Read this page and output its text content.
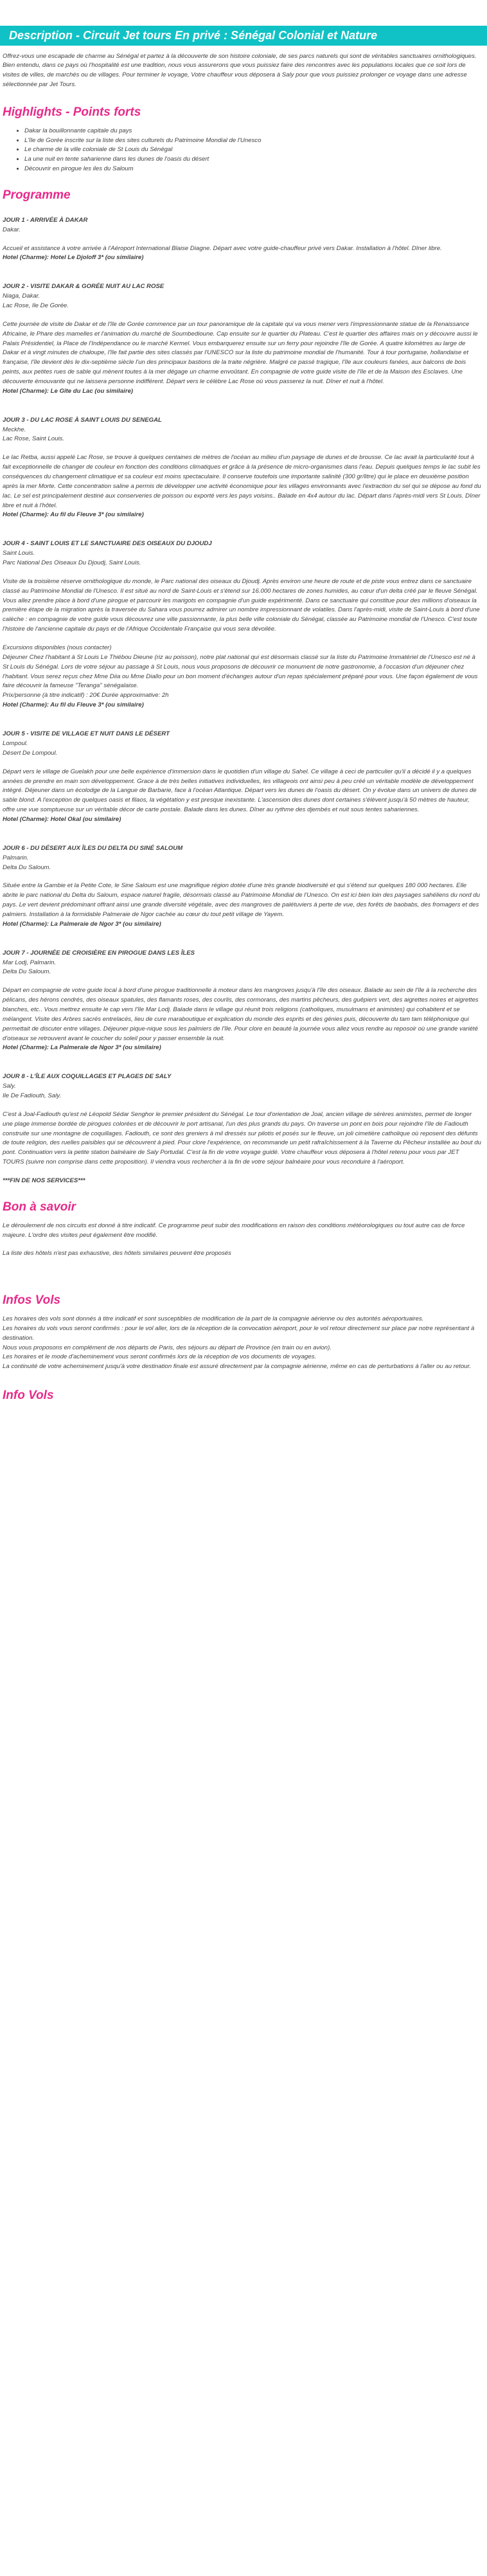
Description - Circuit Jet tours En privé : Sénégal Colonial et Nature

Offrez-vous une escapade de charme au Sénégal et partez à la découverte de son histoire coloniale, de ses parcs naturels qui sont de véritables sanctuaires ornithologiques. Bien entendu, dans ce pays où l'hospitalité est une tradition, nous vous assurerons que vous puissiez faire des rencontres avec les populations locales que ce soit lors de visites de villes, de marchés ou de villages. Pour terminer le voyage, Votre chauffeur vous déposera à Saly pour que vous puissiez prolonger ce voyage dans une adresse sélectionnée par Jet Tours.

Highlights - Points forts
• Dakar la bouillonnante capitale du pays
• L'île de Gorée inscrite sur la liste des sites culturels du Patrimoine Mondial de l'Unesco
• Le charme de la ville coloniale de St Louis du Sénégal
• La une nuit en tente saharienne dans les dunes de l'oasis du désert
• Découvrir en pirogue les iles du Saloum
Programme

JOUR 1 - ARRIVÉE À DAKAR

Dakar.

Accueil et assistance à votre arrivée à l'Aéroport International Blaise Diagne. Départ avec votre guide-chauffeur privé vers Dakar. Installation à l'hôtel. Dîner libre.

Hotel (Charme): Hotel Le Djoloff 3* (ou similaire)

JOUR 2 - VISITE DAKAR & GORÉE NUIT AU LAC ROSE

Niaga, Dakar.

Lac Rose, Ile De Gorée.

Cette journée de visite de Dakar et de l'île de Gorée commence par un tour panoramique de la capitale qui va vous mener vers l'impressionnante statue de la Renaissance Africaine, le Phare des mamelles et l'animation du marché de Soumbedioune. Cap ensuite sur le quartier du Plateau. C'est le quartier des affaires mais on y découvre aussi le Palais Présidentiel, la Place de l'Indépendance ou le marché Kermel. Vous embarquerez ensuite sur un ferry pour rejoindre l'île de Gorée. A quatre kilomètres au large de Dakar et à vingt minutes de chaloupe, l'île fait partie des sites classés par l'UNESCO sur la liste du patrimoine mondial de l'humanité. Tour à tour portugaise, hollandaise et française, l'île devient dès le dix-septième siècle l'un des principaux bastions de la traite négrière. Malgré ce passé tragique, l'île aux couleurs fanées, aux balcons de bois peints, aux petites rues de sable qui mènent toutes à la mer dégage un charme envoûtant. En compagnie de votre guide visite de l'île et de la Maison des Esclaves. Une découverte émouvante qui ne laissera personne indifférent. Départ vers le célèbre Lac Rose où vous passerez la nuit. Dîner et nuit à l'hôtel.

Hotel (Charme): Le Gîte du Lac (ou similaire)

JOUR 3 - DU LAC ROSE À SAINT LOUIS DU SENEGAL

Meckhe.

Lac Rose, Saint Louis.

Le lac Retba, aussi appelé Lac Rose, se trouve à quelques centaines de mètres de l'océan au milieu d'un paysage de dunes et de brousse. Ce lac avait la particularité tout à fait exceptionnelle de changer de couleur en fonction des conditions climatiques et grâce à la présence de micro-organismes dans l'eau. Depuis quelques temps le lac subit les conséquences du changement climatique et sa couleur est moins spectaculaire. Il conserve toutefois une importante salinité (300 gr/litre) qui le place en deuxième position après la mer Morte. Cette concentration saline a permis de développer une activité économique pour les villages environnants avec l'extraction du sel qui se dépose au fond du lac. Le sel est principalement destiné aux conserveries de poisson ou exporté vers les pays voisins.. Balade en 4x4 autour du lac. Départ dans l'après-midi vers St Louis. Dîner libre et nuit à l'hôtel.

Hotel (Charme): Au fil du Fleuve 3* (ou similaire)

JOUR 4 - SAINT LOUIS ET LE SANCTUAIRE DES OISEAUX DU DJOUDJ

Saint Louis.

Parc National Des Oiseaux Du Djoudj, Saint Louis.

Visite de la troisième réserve ornithologique du monde, le Parc national des oiseaux du Djoudj. Après environ une heure de route et de piste vous entrez dans ce sanctuaire classé au Patrimoine Mondial de l'Unesco. Il est situé au nord de Saint-Louis et s'étend sur 16.000 hectares de zones humides, au cœur d'un delta créé par le fleuve Sénégal. Vous allez prendre place à bord d'une pirogue et parcourir les marigots en compagnie d'un guide expérimenté. Dans ce sanctuaire qui constitue pour des millions d'oiseaux la première étape de la migration après la traversée du Sahara vous pourrez admirer un nombre impressionnant de volatiles. Dans l'après-midi, visite de Saint-Louis à bord d'une calèche : en compagnie de votre guide vous découvrez une ville passionnante, la plus belle ville coloniale du Sénégal, classée au Patrimoine mondial de l'Unesco. C'est toute l'histoire de l'ancienne capitale du pays et de l'Afrique Occidentale Française qui vous sera dévoilée.

Excursions disponibles (nous contacter)
Déjeuner Chez l'habitant à St Louis Le Thiébou Dieune (riz au poisson), notre plat national qui est désormais classé sur la liste du Patrimoine Immatériel de l'Unesco est né à St Louis du Sénégal. Lors de votre séjour au passage à St Louis, nous vous proposons de découvrir ce monument de notre gastronomie, à l'occasion d'un déjeuner chez l'habitant. Vous serez reçus chez Mme Diia ou Mme Diallo pour un bon moment d'échanges autour d'un repas spécialement préparé pour vous. Une façon également de vous faire découvrir la fameuse "Teranga" sénégalaise.
Prix/personne (à titre indicatif) : 20€ Durée approximative: 2h

Hotel (Charme): Au fil du Fleuve 3* (ou similaire)

JOUR 5 - VISITE DE VILLAGE ET NUIT DANS LE DÉSERT

Lompoul.

Désert De Lompoul.

Départ vers le village de Guelakh pour une belle expérience d'immersion dans le quotidien d'un village du Sahel. Ce village à ceci de particulier qu'il a décidé il y a quelques années de prendre en main son développement. Grace à de très belles initiatives individuelles, les villageois ont ainsi peu à peu créé un véritable modèle de développement intégré. Déjeuner dans un écolodge de la Langue de Barbarie, face à l'océan Atlantique. Départ vers les dunes de l'oasis du désert. On y évolue dans un univers de dunes de sable blond. A l'exception de quelques oasis et filaos, la végétation y est presque inexistante. L'ascension des dunes dont certaines s'élèvent jusqu'à 50 mètres de hauteur, offre une vue somptueuse sur un véritable décor de carte postale. Balade dans les dunes. Dîner au rythme des djembés et nuit sous tentes sahariennes.

Hotel (Charme): Hotel Okal (ou similaire)

JOUR 6 - DU DÉSERT AUX ÎLES DU DELTA DU SINÉ SALOUM

Palmarin.

Delta Du Saloum.

Située entre la Gambie et la Petite Cote, le Sine Saloum est une magnifique région dotée d'une très grande biodiversité et qui s'étend sur quelques 180 000 hectares. Elle abrite le parc national du Delta du Saloum, espace naturel fragile, désormais classé au Patrimoine Mondial de l'Unesco. On est ici bien loin des paysages sahéliens du nord du pays. Le vert devient prédominant offrant ainsi une grande diversité végétale, avec des mangroves de palétuviers à perte de vue, des forêts de baobabs, des fromagers et des palmiers. Installation à la formidable Palmeraie de Ngor cachée au cœur du tout petit village de Yayem.

Hotel (Charme): La Palmeraie de Ngor 3* (ou similaire)

JOUR 7 - JOURNÉE DE CROISIÈRE EN PIROGUE DANS LES ÎLES

Mar Lodj, Palmarin.

Delta Du Saloum.

Départ en compagnie de votre guide local à bord d'une pirogue traditionnelle à moteur dans les mangroves jusqu'à l'île des oiseaux. Balade au sein de l'île à la recherche des pélicans, des hérons cendrés, des oiseaux spatules, des flamants roses, des courlis, des cormorans, des martins pêcheurs, des guêpiers vert, des aigrettes noires et aigrettes blanches, etc.. Vous mettrez ensuite le cap vers l'île Mar Lodj. Balade dans le village qui réunit trois religions (catholiques, musulmans et animistes) qui cohabitent et se mélangent. Visite des Arbres sacrés entrelacés, lieu de cure maraboutique et explication du monde des esprits et des génies puis, découverte du tam tam téléphonique qui permettait de discuter entre villages. Déjeuner pique-nique sous les palmiers de l'île. Pour clore en beauté la journée vous allez vous rendre au reposoir où une grande variété d'oiseaux se retrouvent avant le coucher du soleil pour y passer ensemble la nuit.

Hotel (Charme): La Palmeraie de Ngor 3* (ou similaire)

JOUR 8 - L'ÎLE AUX COQUILLAGES ET PLAGES DE SALY

Saly.

Ile De Fadiouth, Saly.

C'est à Joal-Fadiouth qu'est né Léopold Sédar Senghor le premier président du Sénégal. Le tour d'orientation de Joal, ancien village de sérères animistes, permet de longer une plage immense bordée de pirogues colorées et de découvrir le port artisanal, l'un des plus grands du pays. On traverse un pont en bois pour rejoindre l'île de Fadiouth construite sur une montagne de coquillages. Fadiouth, ce sont des greniers à mil dressés sur pilotis et posés sur le fleuve, un joli cimetière catholique où reposent des défunts de toute religion, des ruelles paisibles qui se découvrent à pied. Pour clore l'expérience, on recommande un petit rafraîchissement à la Taverne du Pêcheur installée au bout du pont. Continuation vers la petite station balnéaire de Saly Portudal. C'est la fin de votre voyage guidé. Votre chauffeur vous déposera à l'hôtel retenu pour vous par JET TOURS (suivre non comprise dans cette proposition). Il viendra vous rechercher à la fin de votre séjour balnéaire pour vous reconduire à l'aéroport.

***FIN DE NOS SERVICES***

Bon à savoir

Le déroulement de nos circuits est donné à titre indicatif. Ce programme peut subir des modifications en raison des conditions météorologiques ou tout autre cas de force majeure. L'ordre des visites peut également être modifié.

La liste des hôtels n'est pas exhaustive, des hôtels similaires peuvent être proposés

Infos Vols

Les horaires des vols sont donnés à titre indicatif et sont susceptibles de modification de la part de la compagnie aérienne ou des autorités aéroportuaires.

Les horaires du vols vous seront confirmés : pour le vol aller, lors de la réception de la convocation aéroport, pour le vol retour directement sur place par notre représentant à destination.

Nous vous proposons en complément de nos départs de Paris, des séjours au départ de Province (en train ou en avion).

Les horaires et le mode d'acheminement vous seront confirmés lors de la réception de vos documents de voyages.

La continuité de votre acheminement jusqu'à votre destination finale est assuré directement par la compagnie aérienne, même en cas de perturbations à l'aller ou au retour.

Info Vols
